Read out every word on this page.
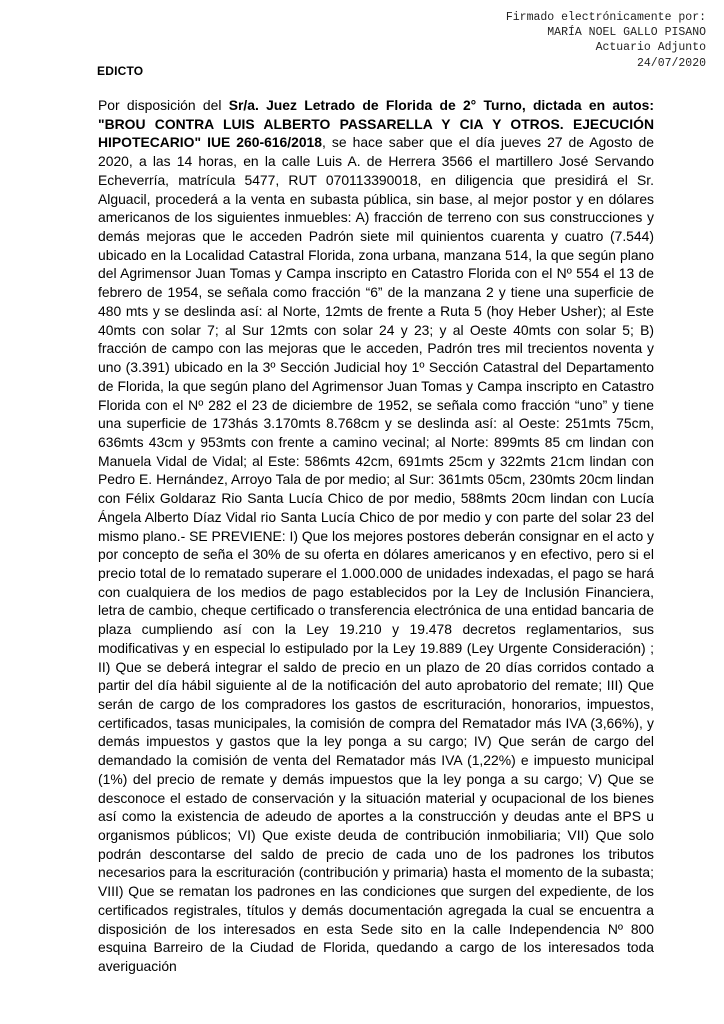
Firmado electrónicamente por:
MARÍA NOEL GALLO PISANO
Actuario Adjunto
24/07/2020
EDICTO
Por disposición del Sr/a. Juez Letrado de Florida de 2° Turno, dictada en autos: "BROU CONTRA LUIS ALBERTO PASSARELLA Y CIA Y OTROS. EJECUCIÓN HIPOTECARIO" IUE 260-616/2018, se hace saber que el día jueves 27 de Agosto de 2020, a las 14 horas, en la calle Luis A. de Herrera 3566 el martillero José Servando Echeverría, matrícula 5477, RUT 070113390018, en diligencia que presidirá el Sr. Alguacil, procederá a la venta en subasta pública, sin base, al mejor postor y en dólares americanos de los siguientes inmuebles: A) fracción de terreno con sus construcciones y demás mejoras que le acceden Padrón siete mil quinientos cuarenta y cuatro (7.544) ubicado en la Localidad Catastral Florida, zona urbana, manzana 514, la que según plano del Agrimensor Juan Tomas y Campa inscripto en Catastro Florida con el Nº 554 el 13 de febrero de 1954, se señala como fracción “6” de la manzana 2 y tiene una superficie de 480 mts y se deslinda así: al Norte, 12mts de frente a Ruta 5 (hoy Heber Usher); al Este 40mts con solar 7; al Sur 12mts con solar 24 y 23; y al Oeste 40mts con solar 5; B) fracción de campo con las mejoras que le acceden, Padrón tres mil trecientos noventa y uno (3.391) ubicado en la 3º Sección Judicial hoy 1º Sección Catastral del Departamento de Florida, la que según plano del Agrimensor Juan Tomas y Campa inscripto en Catastro Florida con el Nº 282 el 23 de diciembre de 1952, se señala como fracción “uno” y tiene una superficie de 173hás 3.170mts 8.768cm y se deslinda así: al Oeste: 251mts 75cm, 636mts 43cm y 953mts con frente a camino vecinal; al Norte: 899mts 85 cm lindan con Manuela Vidal de Vidal; al Este: 586mts 42cm, 691mts 25cm y 322mts 21cm lindan con Pedro E. Hernández, Arroyo Tala de por medio; al Sur: 361mts 05cm, 230mts 20cm lindan con Félix Goldaraz Rio Santa Lucía Chico de por medio, 588mts 20cm lindan con Lucía Ángela Alberto Díaz Vidal rio Santa Lucía Chico de por medio y con parte del solar 23 del mismo plano.- SE PREVIENE: I) Que los mejores postores deberán consignar en el acto y por concepto de seña el 30% de su oferta en dólares americanos y en efectivo, pero si el precio total de lo rematado superare el 1.000.000 de unidades indexadas, el pago se hará con cualquiera de los medios de pago establecidos por la Ley de Inclusión Financiera, letra de cambio, cheque certificado o transferencia electrónica de una entidad bancaria de plaza cumpliendo así con la Ley 19.210 y 19.478 decretos reglamentarios, sus modificativas y en especial lo estipulado por la Ley 19.889 (Ley Urgente Consideración) ; II) Que se deberá integrar el saldo de precio en un plazo de 20 días corridos contado a partir del día hábil siguiente al de la notificación del auto aprobatorio del remate; III) Que serán de cargo de los compradores los gastos de escrituración, honorarios, impuestos, certificados, tasas municipales, la comisión de compra del Rematador más IVA (3,66%), y demás impuestos y gastos que la ley ponga a su cargo; IV) Que serán de cargo del demandado la comisión de venta del Rematador más IVA (1,22%) e impuesto municipal (1%) del precio de remate y demás impuestos que la ley ponga a su cargo; V) Que se desconoce el estado de conservación y la situación material y ocupacional de los bienes así como la existencia de adeudo de aportes a la construcción y deudas ante el BPS u organismos públicos; VI) Que existe deuda de contribución inmobiliaria; VII) Que solo podrán descontarse del saldo de precio de cada uno de los padrones los tributos necesarios para la escrituración (contribución y primaria) hasta el momento de la subasta; VIII) Que se rematan los padrones en las condiciones que surgen del expediente, de los certificados registrales, títulos y demás documentación agregada la cual se encuentra a disposición de los interesados en esta Sede sito en la calle Independencia Nº 800 esquina Barreiro de la Ciudad de Florida, quedando a cargo de los interesados toda averiguación
